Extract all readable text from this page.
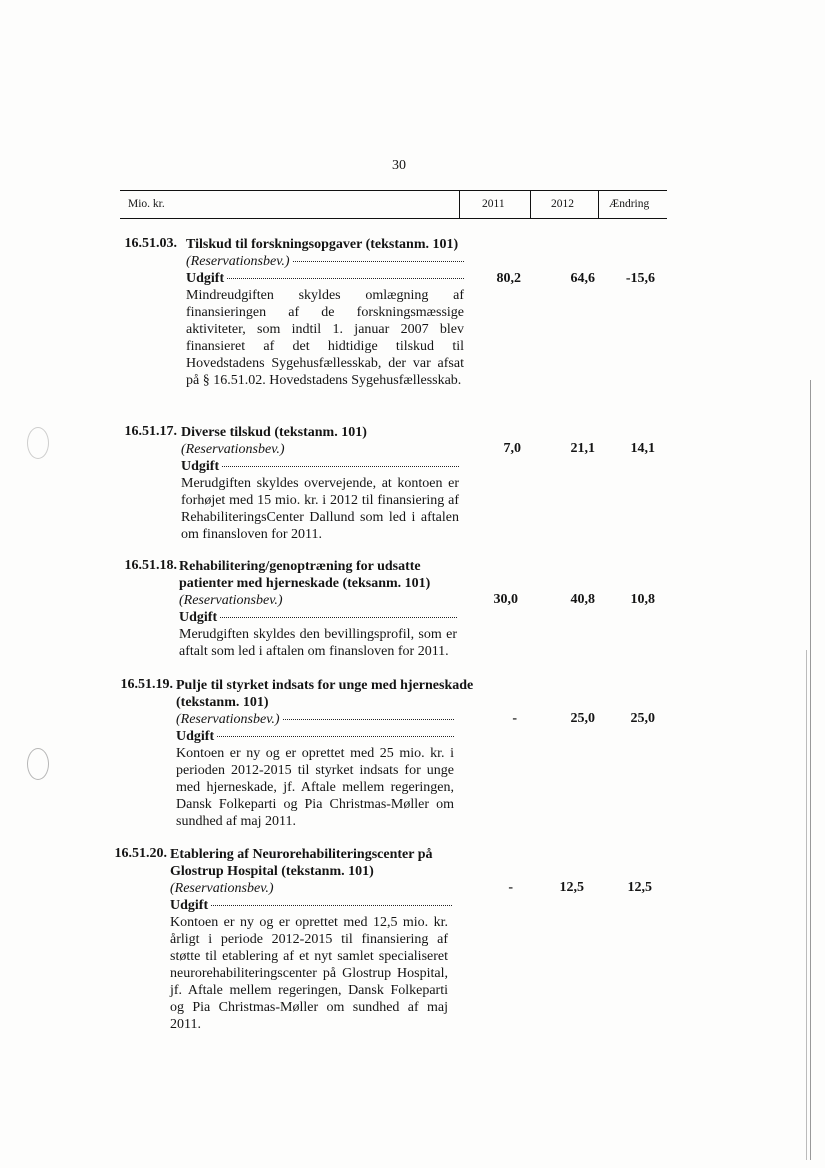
30
Mio. kr.	2011	2012	Ændring
16.51.03. Tilskud til forskningsopgaver (tekstanm. 101)
(Reservationsbev.)
Udgift
Mindreudgiften skyldes omlægning af finansieringen af de forskningsmæssige aktiviteter, som indtil 1. januar 2007 blev finansieret af det hidtidige tilskud til Hovedstadens Sygehusfællesskab, der var afsat på § 16.51.02. Hovedstadens Sygehusfællesskab.
80,2	64,6	-15,6
16.51.17. Diverse tilskud (tekstanm. 101) (Reservationsbev.)
Udgift
Merudgiften skyldes overvejende, at kontoen er forhøjet med 15 mio. kr. i 2012 til finansiering af RehabiliteringsCenter Dallund som led i aftalen om finansloven for 2011.
7,0	21,1	14,1
16.51.18. Rehabilitering/genoptræning for udsatte patienter med hjerneskade (teksanm. 101) (Reservationsbev.)
Udgift
Merudgiften skyldes den bevillingsprofil, som er aftalt som led i aftalen om finansloven for 2011.
30,0	40,8	10,8
16.51.19. Pulje til styrket indsats for unge med hjerneskade (tekstanm. 101)
(Reservationsbev.)
Udgift
Kontoen er ny og er oprettet med 25 mio. kr. i perioden 2012-2015 til styrket indsats for unge med hjerneskade, jf. Aftale mellem regeringen, Dansk Folkeparti og Pia Christmas-Møller om sundhed af maj 2011.
-	25,0	25,0
16.51.20. Etablering af Neurorehabiliteringscenter på Glostrup Hospital (tekstanm. 101) (Reservationsbev.)
Udgift
Kontoen er ny og er oprettet med 12,5 mio. kr. årligt i periode 2012-2015 til finansiering af støtte til etablering af et nyt samlet specialiseret neurorehabiliteringscenter på Glostrup Hospital, jf. Aftale mellem regeringen, Dansk Folkeparti og Pia Christmas-Møller om sundhed af maj 2011.
-	12,5	12,5
